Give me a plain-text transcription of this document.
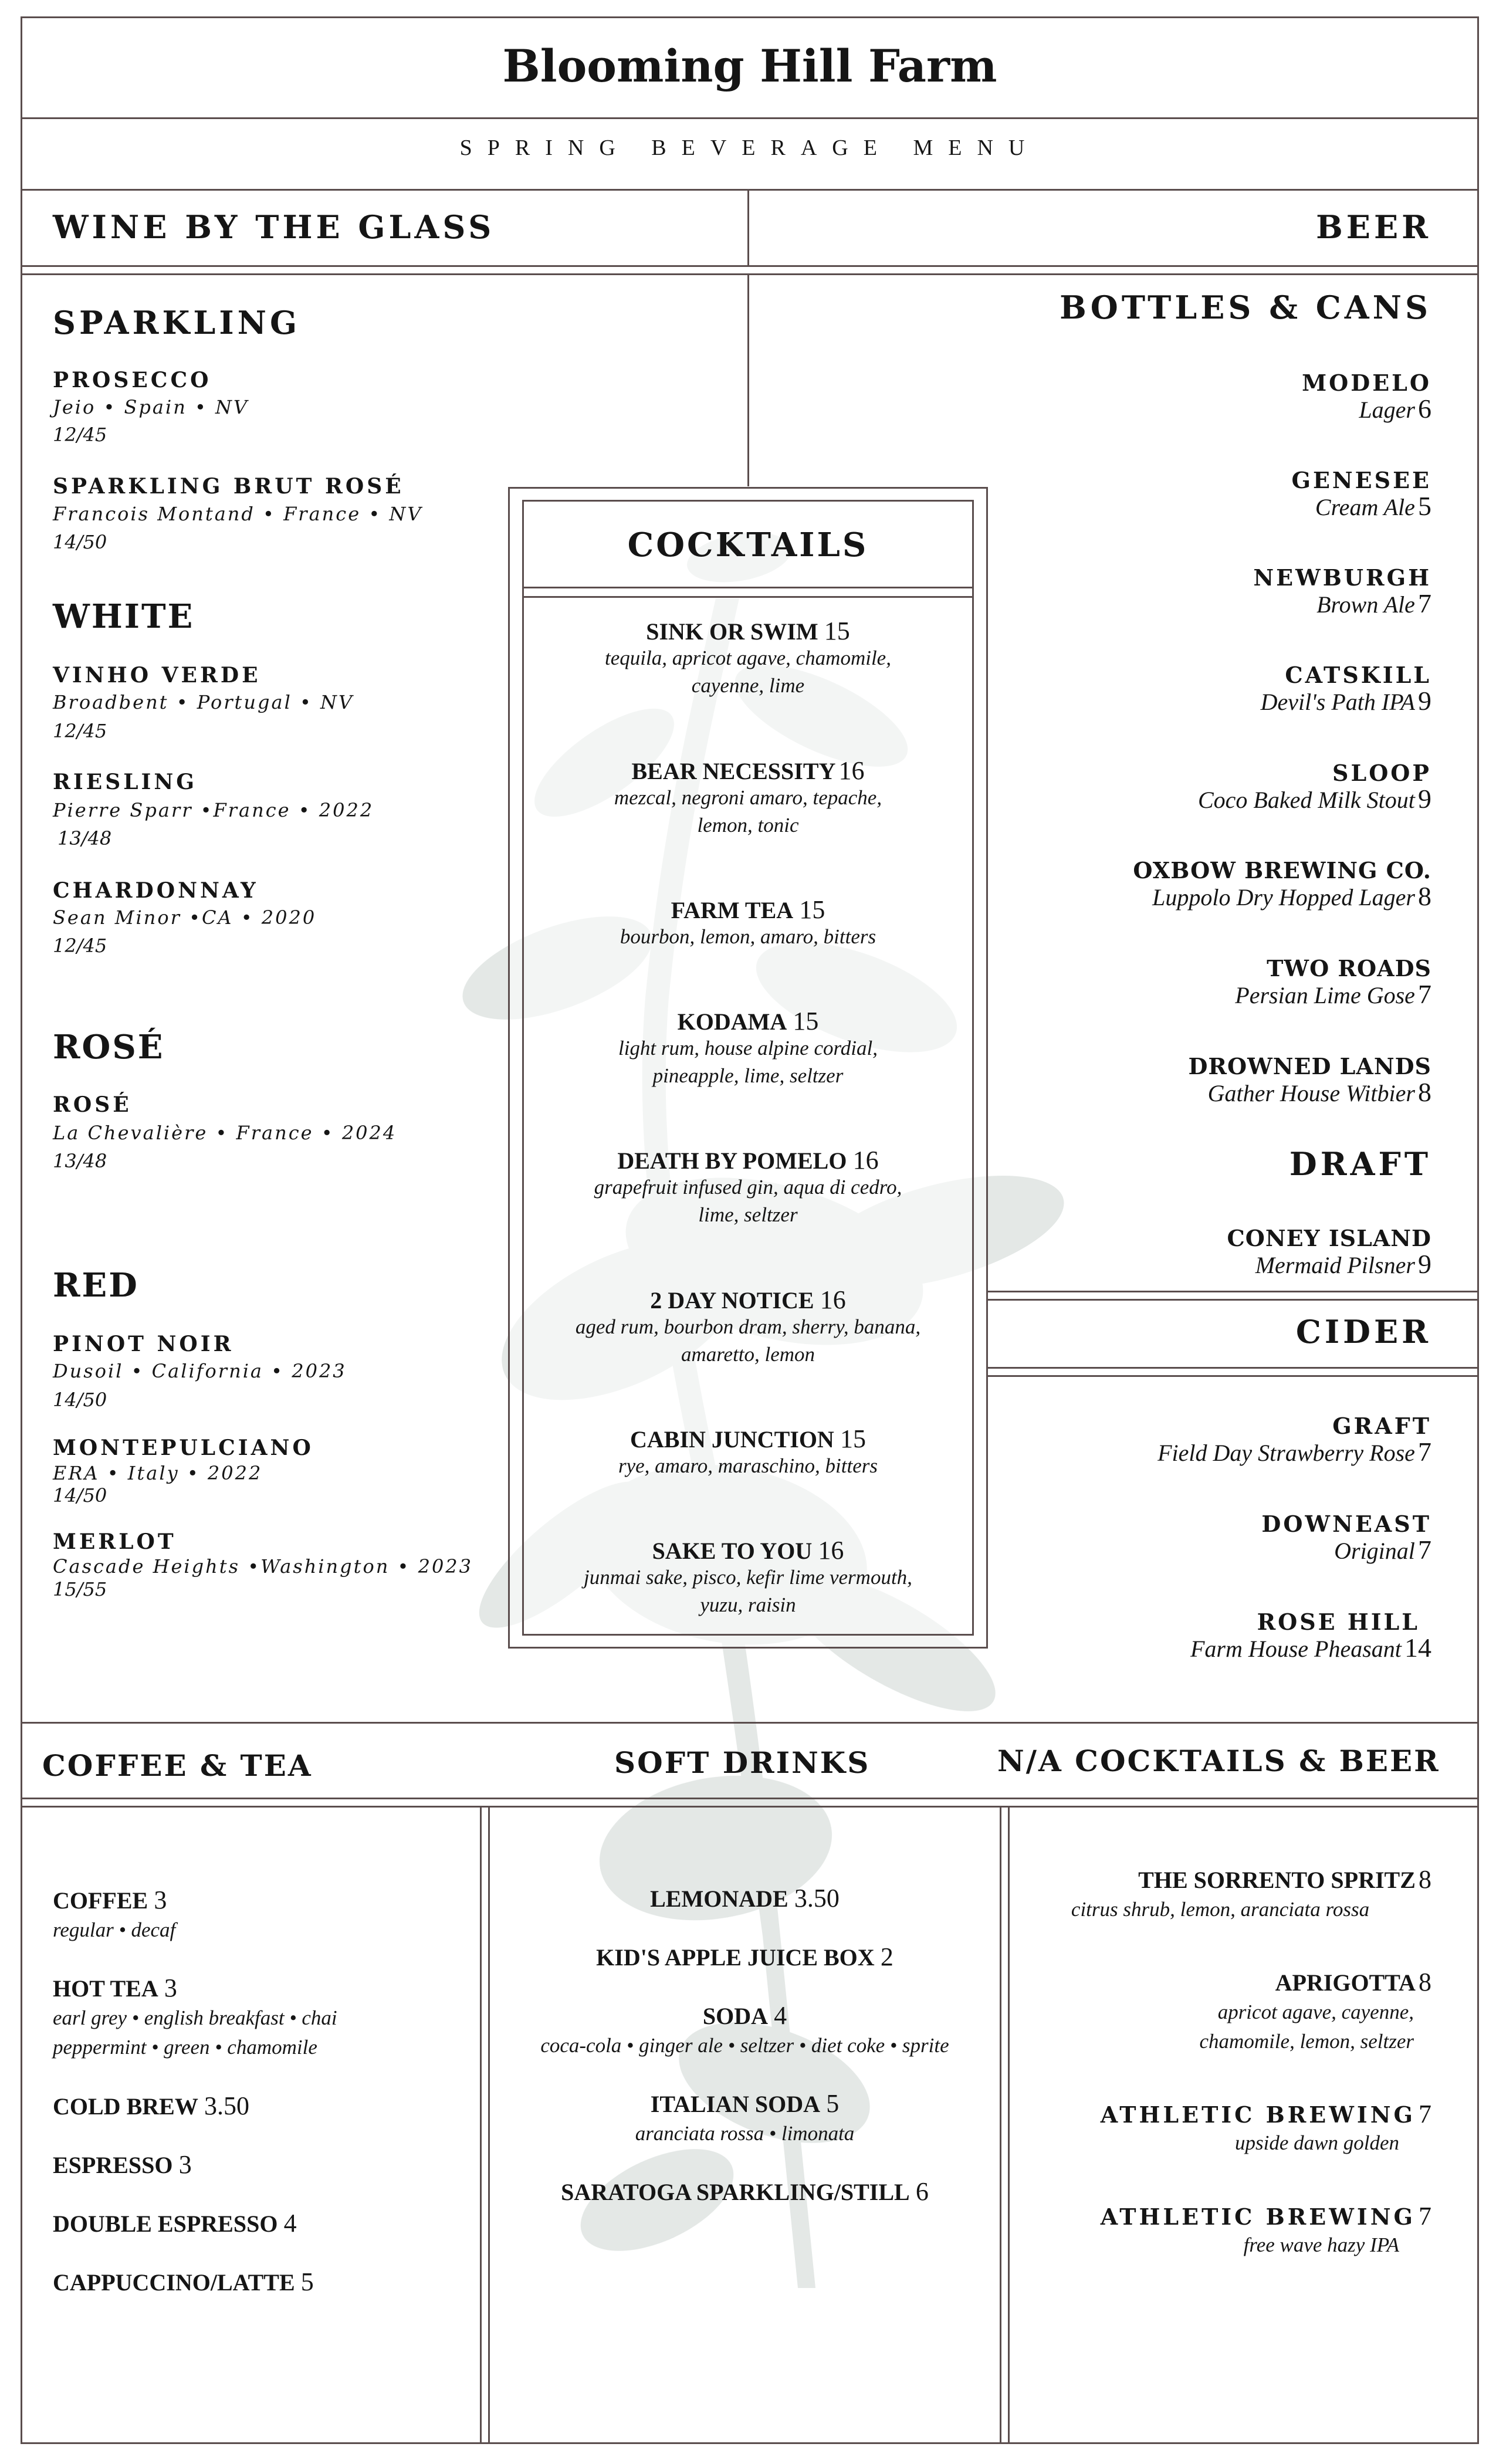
Blooming Hill Farm
SPRING BEVERAGE MENU
WINE BY THE GLASS	BEER
SPARKLING
PROSECCO
Jeio • Spain • NV
12/45
SPARKLING BRUT ROSÉ
Francois Montand • France • NV
14/50
WHITE
VINHO VERDE
Broadbent • Portugal • NV
12/45
RIESLING
Pierre Sparr •France • 2022
13/48
CHARDONNAY
Sean Minor •CA • 2020
12/45
ROSÉ
ROSÉ
La Chevalière • France • 2024
13/48
RED
PINOT NOIR
Dusoil • California • 2023
14/50
MONTEPULCIANO
ERA • Italy • 2022
14/50
MERLOT
Cascade Heights •Washington • 2023
15/55
COCKTAILS
SINK OR SWIM 15
tequila, apricot agave, chamomile, cayenne, lime
BEAR NECESSITY 16
mezcal, negroni amaro, tepache, lemon, tonic
FARM TEA 15
bourbon, lemon, amaro, bitters
KODAMA 15
light rum, house alpine cordial, pineapple, lime, seltzer
DEATH BY POMELO 16
grapefruit infused gin, aqua di cedro, lime, seltzer
2 DAY NOTICE 16
aged rum, bourbon dram, sherry, banana, amaretto, lemon
CABIN JUNCTION 15
rye, amaro, maraschino, bitters
SAKE TO YOU 16
junmai sake, pisco, kefir lime vermouth, yuzu, raisin
BOTTLES & CANS
MODELO
Lager 6
GENESEE
Cream Ale 5
NEWBURGH
Brown Ale 7
CATSKILL
Devil's Path IPA 9
SLOOP
Coco Baked Milk Stout 9
OXBOW BREWING CO.
Luppolo Dry Hopped Lager 8
TWO ROADS
Persian Lime Gose 7
DROWNED LANDS
Gather House Witbier 8
DRAFT
CONEY ISLAND
Mermaid Pilsner 9
CIDER
GRAFT
Field Day Strawberry Rose 7
DOWNEAST
Original 7
ROSE HILL
Farm House Pheasant 14
COFFEE & TEA	SOFT DRINKS	N/A COCKTAILS & BEER
COFFEE 3
regular • decaf
HOT TEA 3
earl grey • english breakfast • chai
peppermint • green • chamomile
COLD BREW 3.50
ESPRESSO 3
DOUBLE ESPRESSO 4
CAPPUCCINO/LATTE 5
LEMONADE 3.50
KID'S APPLE JUICE BOX 2
SODA 4
coca-cola • ginger ale • seltzer • diet coke • sprite
ITALIAN SODA 5
aranciata rossa • limonata
SARATOGA SPARKLING/STILL 6
THE SORRENTO SPRITZ 8
citrus shrub, lemon, aranciata rossa
APRIGOTTA 8
apricot agave, cayenne,
chamomile, lemon, seltzer
ATHLETIC BREWING 7
upside dawn golden
ATHLETIC BREWING 7
free wave hazy IPA
